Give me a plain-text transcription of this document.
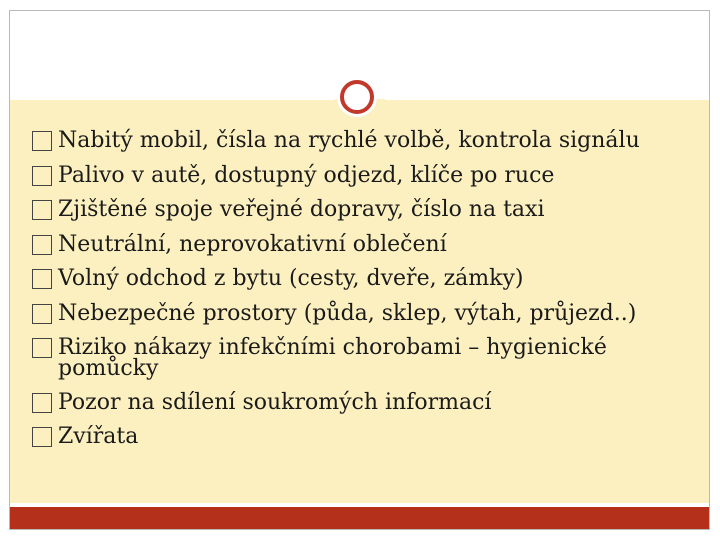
Nabitý mobil, čísla na rychlé volbě, kontrola signálu
Palivo v autě, dostupný odjezd, klíče po ruce
Zjištěné spoje veřejné dopravy, číslo na taxi
Neutrální, neprovokativní oblečení
Volný odchod z bytu (cesty, dveře, zámky)
Nebezpečné prostory (půda, sklep, výtah, průjezd..)
Riziko nákazy infekčními chorobami – hygienické
pomůcky
Pozor na sdílení soukromých informací
Zvířata
